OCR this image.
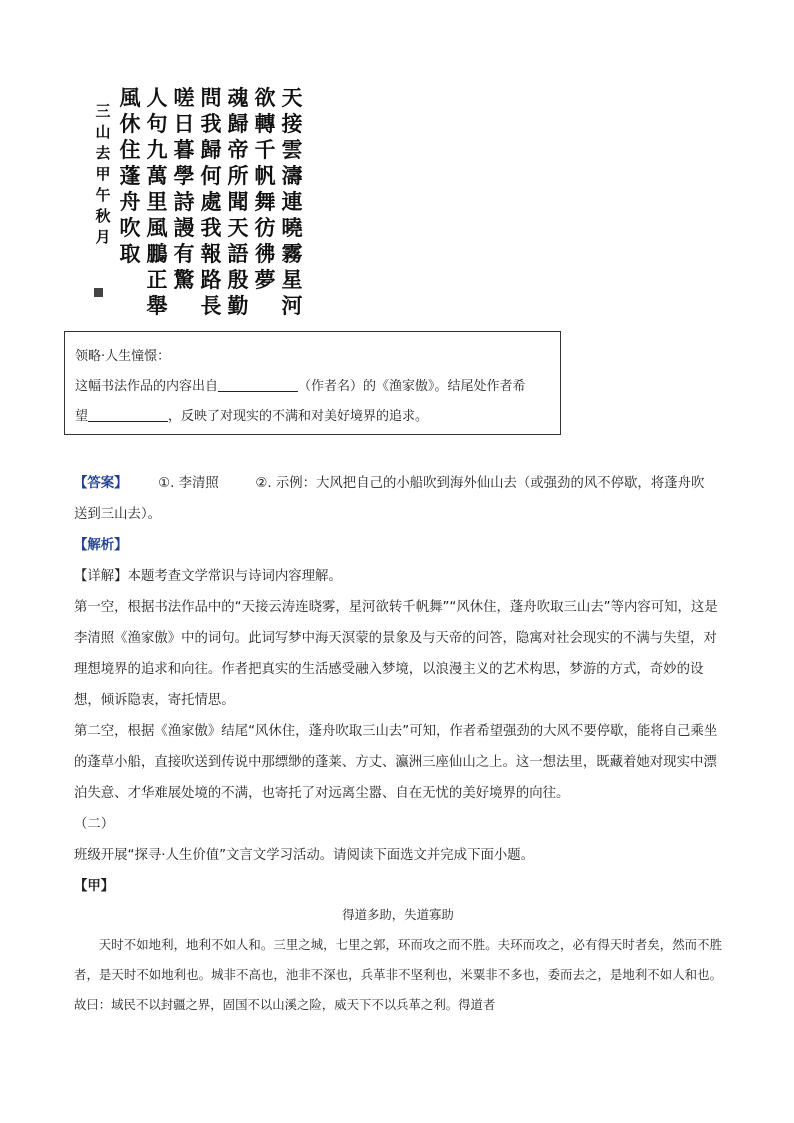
天
接
雲
濤
連
曉
霧
星
河
欲
轉
千
帆
舞
彷
彿
夢
魂
歸
帝
所
聞
天
語
殷
勤
問
我
歸
何
處
我
報
路
長
嗟
日
暮
學
詩
謾
有
驚
人
句
九
萬
里
風
鵬
正
舉
風
休
住
蓬
舟
吹
取
三
山
去
甲
午
秋
月
领略·人生憧憬：
这幅书法作品的内容出自	（作者名）的《渔家傲》。结尾处作者希
望	，反映了对现实的不满和对美好境界的追求。
【答案】 ①. 李清照	②. 示例：大风把自己的小船吹到海外仙山去（或强劲的风不停歇，将蓬舟吹
送到三山去）。
【解析】
【详解】本题考查文学常识与诗词内容理解。
第一空，根据书法作品中的“天接云涛连晓雾，星河欲转千帆舞”“风休住，蓬舟吹取三山去”等内容可知，这是李清照《渔家傲》中的词句。此词写梦中海天溟蒙的景象及与天帝的问答，隐寓对社会现实的不满与失望，对理想境界的追求和向往。作者把真实的生活感受融入梦境，以浪漫主义的艺术构思，梦游的方式，奇妙的设想，倾诉隐衷，寄托情思。
第二空，根据《渔家傲》结尾“风休住，蓬舟吹取三山去”可知，作者希望强劲的大风不要停歇，能将自己乘坐的蓬草小船，直接吹送到传说中那缥缈的蓬莱、方丈、瀛洲三座仙山之上。这一想法里，既藏着她对现实中漂泊失意、才华难展处境的不满，也寄托了对远离尘嚣、自在无忧的美好境界的向往。
（二）
班级开展“探寻·人生价值”文言文学习活动。请阅读下面选文并完成下面小题。
【甲】
得道多助，失道寡助
天时不如地利，地利不如人和。三里之城，七里之郭，环而攻之而不胜。夫环而攻之，必有得天时者矣，然而不胜者，是天时不如地利也。城非不高也，池非不深也，兵革非不坚利也，米粟非不多也，委而去之，是地利不如人和也。故曰：域民不以封疆之界，固国不以山溪之险，威天下不以兵革之利。得道者
